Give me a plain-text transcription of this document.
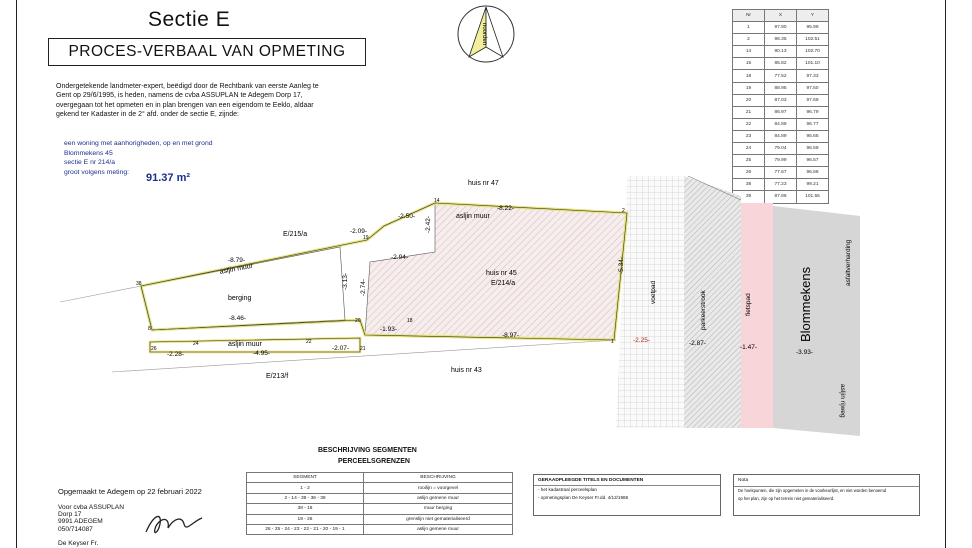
Sectie E
PROCES-VERBAAL VAN OPMETING
Ondergetekende landmeter-expert, beëdigd door de Rechtbank van eerste Aanleg te
Gent op 29/6/1995, is heden, namens de cvba ASSUPLAN te Adegem Dorp 17,
overgegaan tot het opmeten en in plan brengen van een eigendom te Eeklo, aldaar
gekend ter Kadaster in de 2° afd. onder de sectie E, zijnde:
een woning met aanhorigheden, op en met grond
Blommekens 45
sectie E nr 214/a
groot volgens meting:	91.37 m²
noorden
Nr	X	Y
1	97.90	95.99
2	98.35	102.51
14	90.13	102.70
15	85.82	101.10
18	77.52	97.33
19	88.95	97.50
20	87.03	97.69
21	86.97	96.79
22	84.89	96.77
23	84.89	95.65
24	79.04	96.59
25	79.99	96.57
26	77.67	96.68
38	77.23	99.21
39	87.86	101.55
E/215/a
huis nr 47
huis nr 45
E/214/a
berging
E/213/f
huis nr 43
asljin muur
asljin muur
asljin muur
voetpad	parkeerstrook	fietspad	Blommekens
asfaltverharding
asljin rijweg
-8.22-
-2.50-
-2.09-
-8.79-
-2.42-
-2.94-
-2.74-
-5.34-
-3.13-
-8.46-
-1.93-
-8.97-
-2.28-	-4.95-
-2.07-
-2.25-	-2.87-
-1.47-
-3.93-
14
2
19
38
20	18
1
8
26
24	22
21
BESCHRIJVING SEGMENTEN
PERCEELSGRENZEN
SEGMENT	BESCHRIJVING
1 - 2	rooilijn = voorgevel
2 - 14 - 39 - 36 - 38	aslijn gemene muur
38 - 18	muur berging
18 - 26	grenslijn niet gematerialiseerd
26 - 25 - 24 - 23 - 22 - 21 - 20 - 19 - 1	aslijn gemene muur
GERAADPLEEGDE TITELS EN DOCUMENTEN
- het kadastraal perceelsplan
- opmetingsplan De Keyser Fr.dd. 4/12/1986
Nota
De hoekpunten, die zijn opgemeten in de voorkeurlijst, en niet worden benoemd
op het plan, zijn op het terrein niet gematerialiseerd.
Opgemaakt te Adegem op 22 februari 2022
Voor cvba ASSUPLAN
Dorp 17
9991 ADEGEM
050/714087
De Keyser Fr.
